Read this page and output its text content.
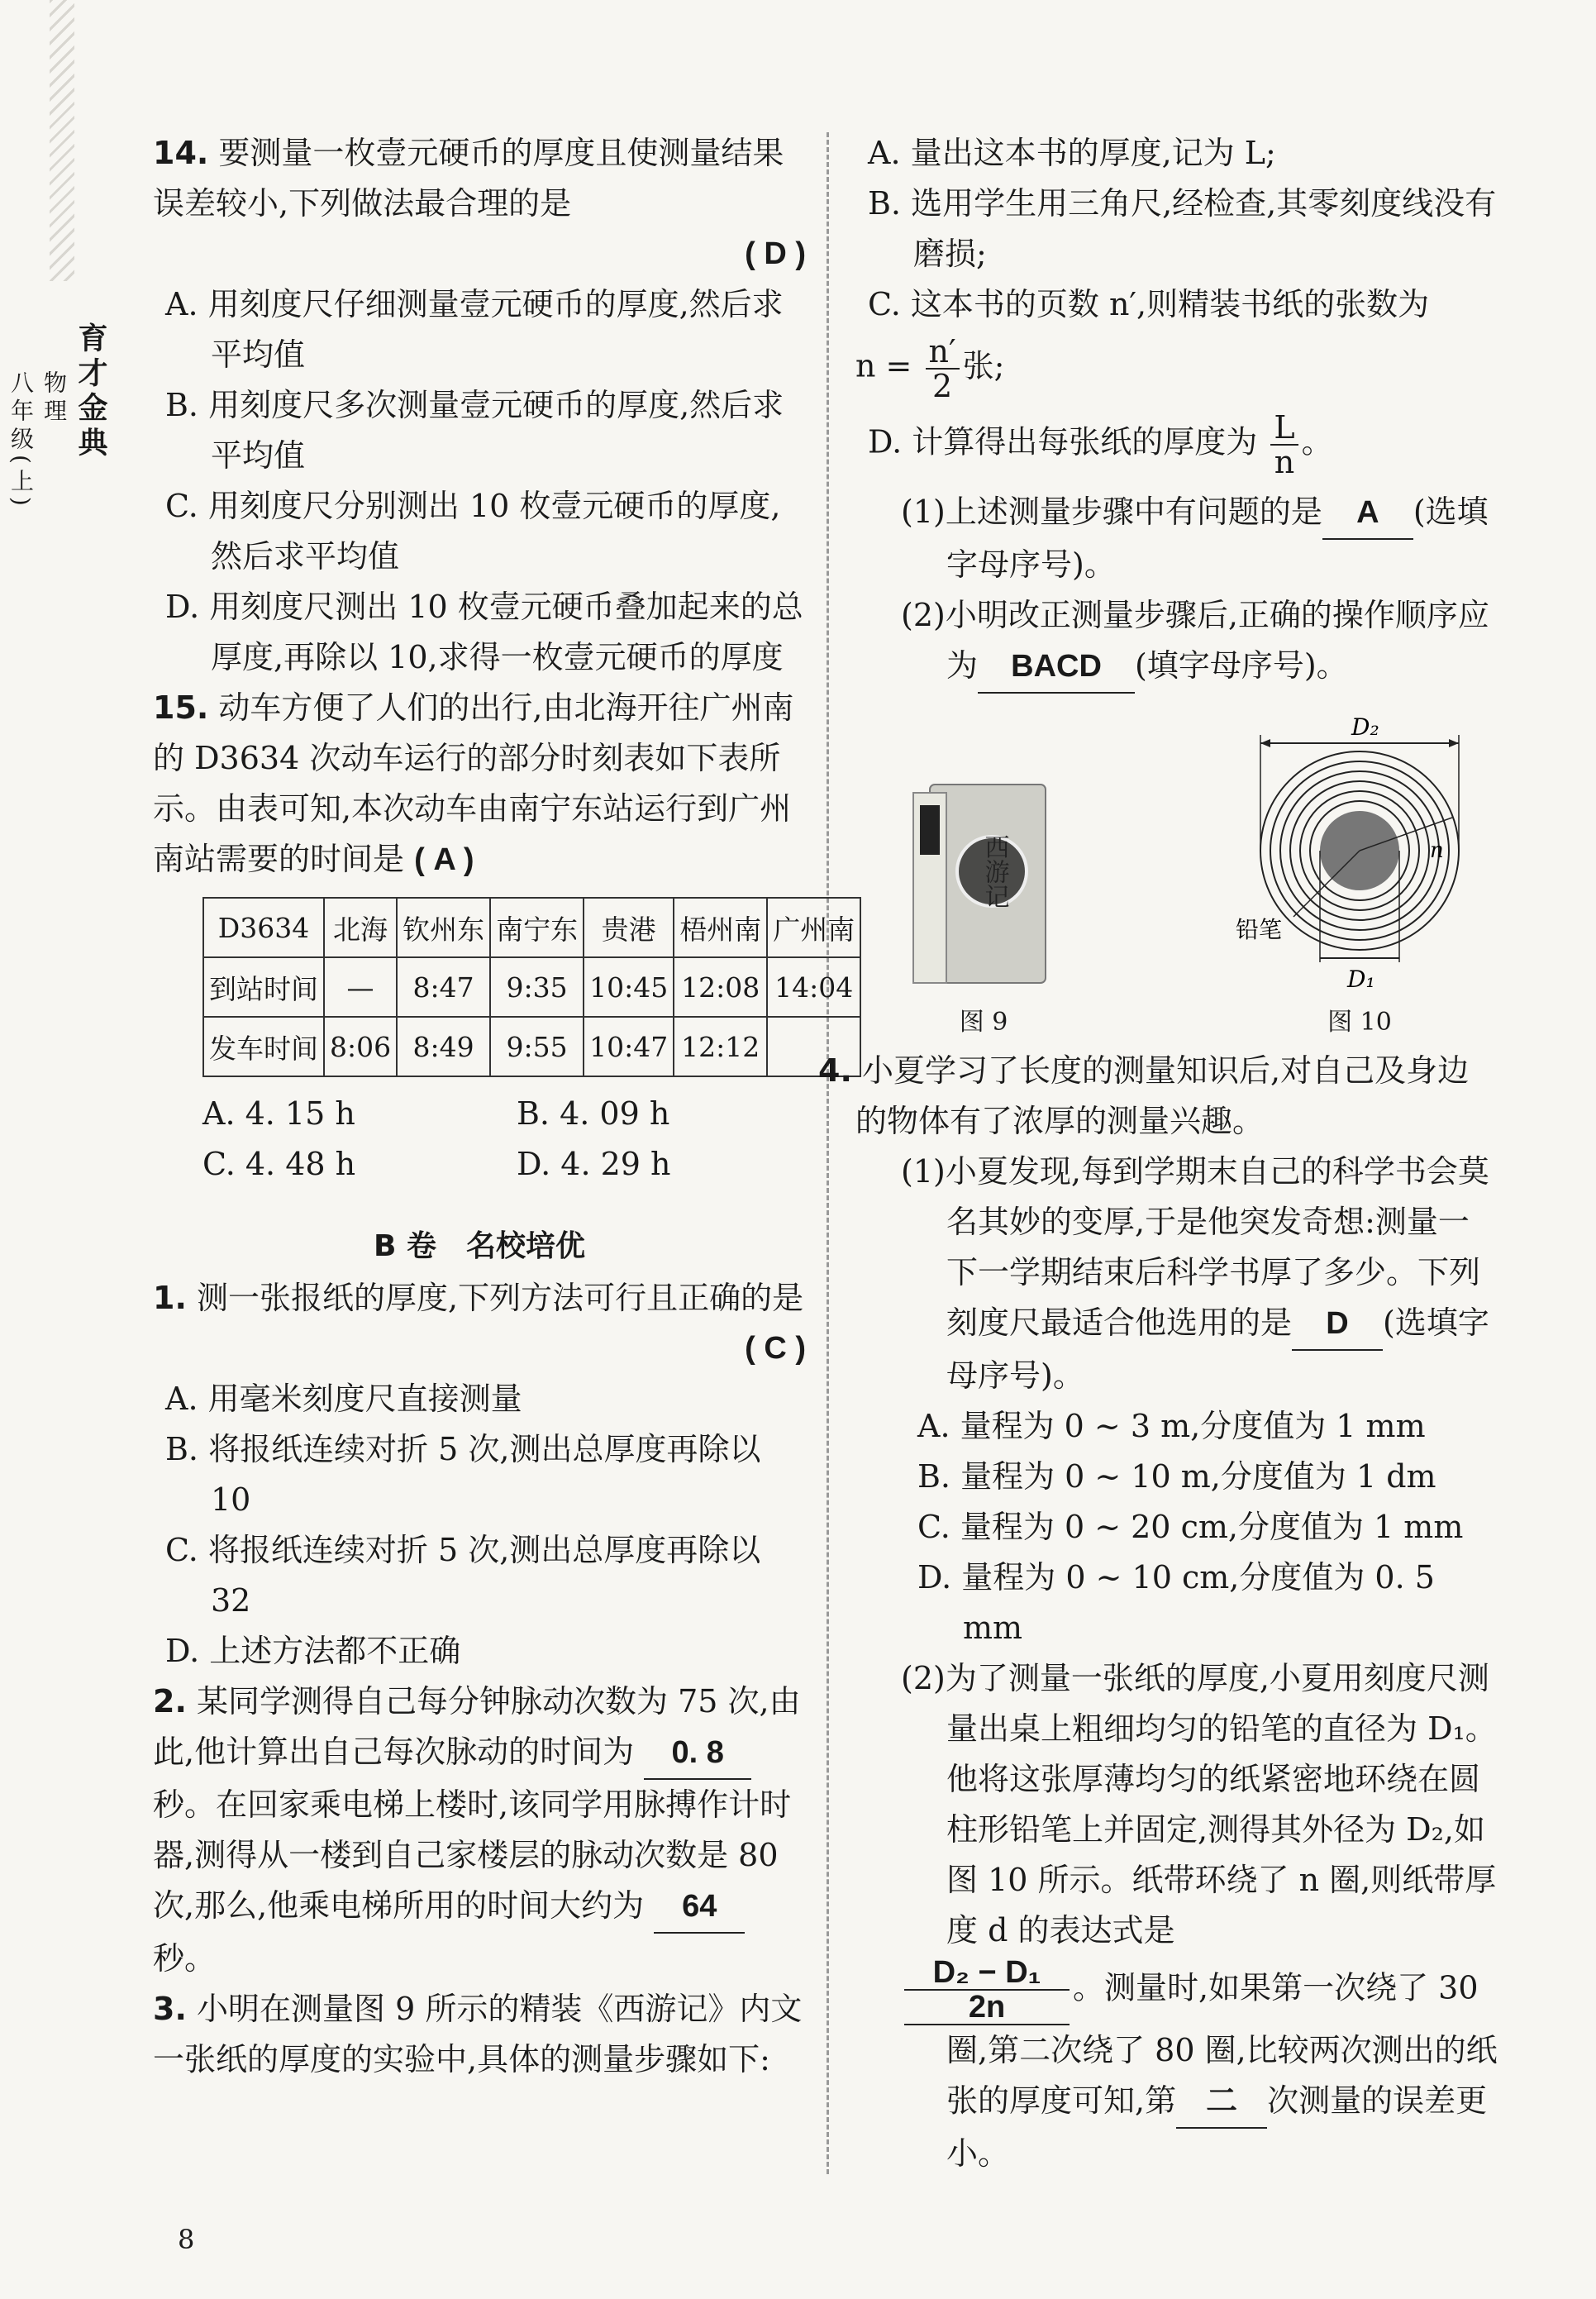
育才金典
物理
八年级(上)

14. 要测量一枚壹元硬币的厚度且使测量结果误差较小,下列做法最合理的是

( D )

A. 用刻度尺仔细测量壹元硬币的厚度,然后求平均值

B. 用刻度尺多次测量壹元硬币的厚度,然后求平均值

C. 用刻度尺分别测出 10 枚壹元硬币的厚度,然后求平均值

D. 用刻度尺测出 10 枚壹元硬币叠加起来的总厚度,再除以 10,求得一枚壹元硬币的厚度

15. 动车方便了人们的出行,由北海开往广州南的 D3634 次动车运行的部分时刻表如下表所示。由表可知,本次动车由南宁东站运行到广州南站需要的时间是 ( A )

D3634	北海	钦州东	南宁东	贵港	梧州南	广州南
到站时间	—	8:47	9:35	10:45	12:08	14:04
发车时间	8:06	8:49	9:55	10:47	12:12	

A. 4. 15 h	B. 4. 09 h

C. 4. 48 h	D. 4. 29 h

B 卷　名校培优

1. 测一张报纸的厚度,下列方法可行且正确的是

( C )

A. 用毫米刻度尺直接测量

B. 将报纸连续对折 5 次,测出总厚度再除以 10

C. 将报纸连续对折 5 次,测出总厚度再除以 32

D. 上述方法都不正确

2. 某同学测得自己每分钟脉动次数为 75 次,由此,他计算出自己每次脉动的时间为 0. 8秒。在回家乘电梯上楼时,该同学用脉搏作计时器,测得从一楼到自己家楼层的脉动次数是 80 次,那么,他乘电梯所用的时间大约为 64秒。

3. 小明在测量图 9 所示的精装《西游记》内文一张纸的厚度的实验中,具体的测量步骤如下:

A. 量出这本书的厚度,记为 L;

B. 选用学生用三角尺,经检查,其零刻度线没有磨损;

C. 这本书的页数 n′,则精装书纸的张数为

$n = \frac{n'}{2}$ 张;

D. 计算得出每张纸的厚度为 $\frac{L}{n}$ 。

(1)上述测量步骤中有问题的是 A (选填字母序号)。

(2)小明改正测量步骤后,正确的操作顺序应为 BACD (填字母序号)。

西游记
图 9
D₂
n
铅笔
D₁
图 10

4. 小夏学习了长度的测量知识后,对自己及身边的物体有了浓厚的测量兴趣。

(1)小夏发现,每到学期末自己的科学书会莫名其妙的变厚,于是他突发奇想:测量一下一学期结束后科学书厚了多少。下列刻度尺最适合他选用的是 D (选填字母序号)。

A. 量程为 0 ~ 3 m,分度值为 1 mm

B. 量程为 0 ~ 10 m,分度值为 1 dm

C. 量程为 0 ~ 20 cm,分度值为 1 mm

D. 量程为 0 ~ 10 cm,分度值为 0. 5 mm

(2)为了测量一张纸的厚度,小夏用刻度尺测量出桌上粗细均匀的铅笔的直径为 D₁。他将这张厚薄均匀的纸紧密地环绕在圆柱形铅笔上并固定,测得其外径为 D₂,如图 10 所示。纸带环绕了 n 圈,则纸带厚度 d 的表达式是

$\frac{\text{D₂ − D₁}}{2n}$ 。测量时,如果第一次绕了 30 圈,第二次绕了 80 圈,比较两次测出的纸张的厚度可知,第 二 次测量的误差更小。

8
